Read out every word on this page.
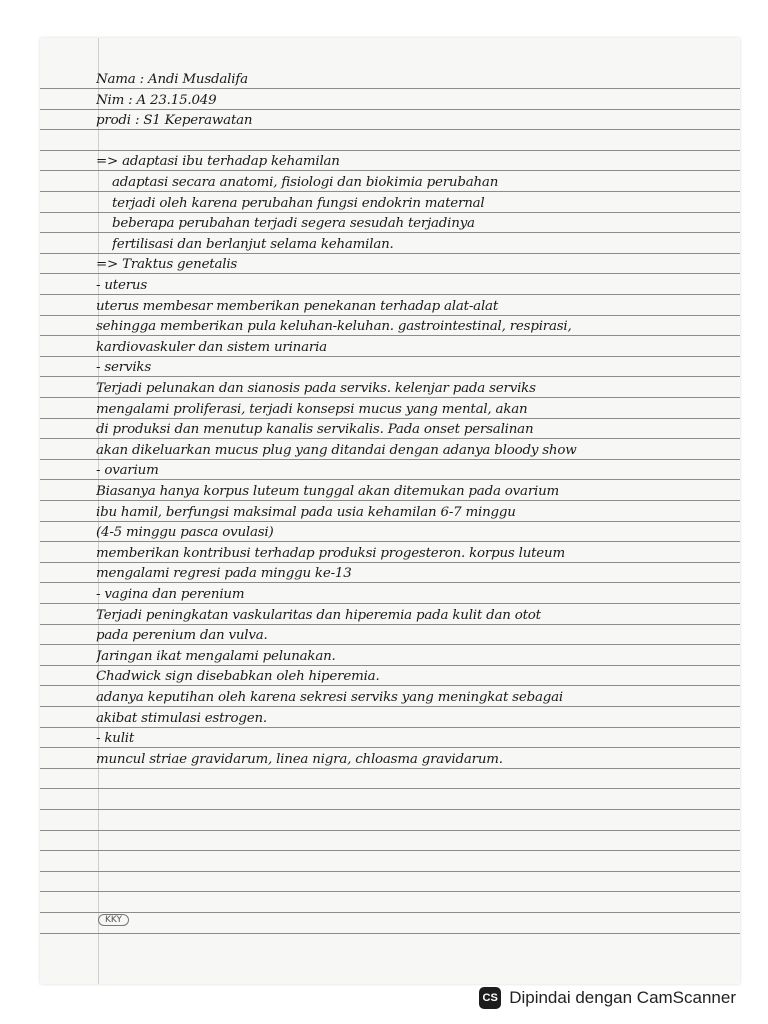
Nama : Andi Musdalifa
Nim : A 23.15.049
prodi : S1 Keperawatan
=> adaptasi ibu terhadap kehamilan
adaptasi secara anatomi, fisiologi dan biokimia perubahan
terjadi oleh karena perubahan fungsi endokrin maternal
beberapa perubahan terjadi segera sesudah terjadinya
fertilisasi dan berlanjut selama kehamilan.
=> Traktus genetalis
- uterus
uterus membesar memberikan penekanan terhadap alat-alat
sehingga memberikan pula keluhan-keluhan. gastrointestinal, respirasi,
kardiovaskuler dan sistem urinaria
- serviks
Terjadi pelunakan dan sianosis pada serviks. kelenjar pada serviks
mengalami proliferasi, terjadi konsepsi mucus yang mental, akan
di produksi dan menutup kanalis servikalis. Pada onset persalinan
akan dikeluarkan mucus plug yang ditandai dengan adanya bloody show
- ovarium
Biasanya hanya korpus luteum tunggal akan ditemukan pada ovarium
ibu hamil, berfungsi maksimal pada usia kehamilan 6-7 minggu
(4-5 minggu pasca ovulasi)
memberikan kontribusi terhadap produksi progesteron. korpus luteum
mengalami regresi pada minggu ke-13
- vagina dan perenium
Terjadi peningkatan vaskularitas dan hiperemia pada kulit dan otot
pada perenium dan vulva.
Jaringan ikat mengalami pelunakan.
Chadwick sign disebabkan oleh hiperemia.
adanya keputihan oleh karena sekresi serviks yang meningkat sebagai
akibat stimulasi estrogen.
- kulit
muncul striae gravidarum, linea nigra, chloasma gravidarum.
KKY
CS Dipindai dengan CamScanner
